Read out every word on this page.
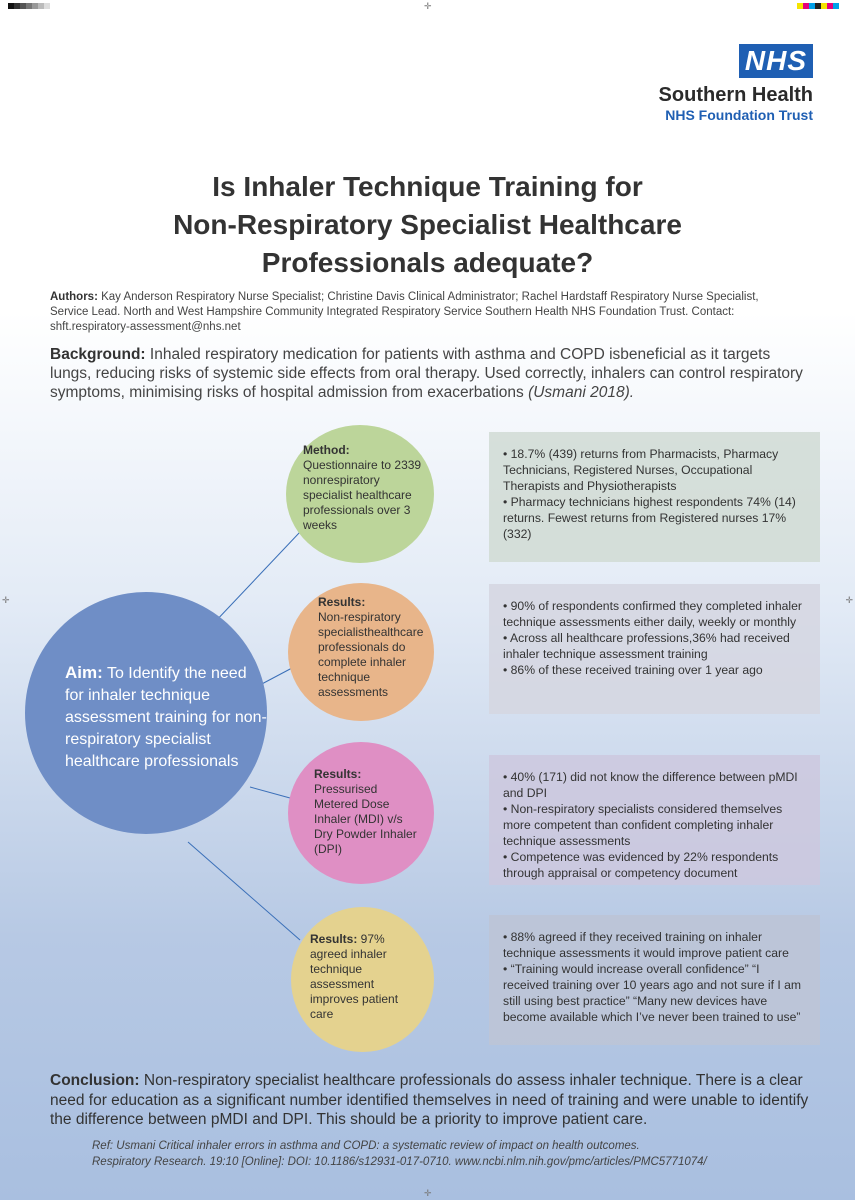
✛
✛	✛
✛
NHS
Southern Health
NHS Foundation Trust
Is Inhaler Technique Training for
Non-Respiratory Specialist Healthcare
Professionals adequate?
Authors: Kay Anderson Respiratory Nurse Specialist; Christine Davis Clinical Administrator; Rachel Hardstaff Respiratory Nurse Specialist, Service Lead. North and West Hampshire Community Integrated Respiratory Service Southern Health NHS Foundation Trust. Contact: shft.respiratory-assessment@nhs.net
Background: Inhaled respiratory medication for patients with asthma and COPD isbeneficial as it targets lungs, reducing risks of systemic side effects from oral therapy. Used correctly, inhalers can control respiratory symptoms, minimising risks of hospital admission from exacerbations (Usmani 2018).
Aim: To Identify the need for inhaler technique assessment training for non-respiratory specialist healthcare professionals
Method:
Questionnaire to 2339 nonrespiratory specialist healthcare professionals over 3 weeks
Results:
Non-respiratory specialisthealthcare professionals do complete inhaler technique assessments
Results:
Pressurised Metered Dose Inhaler (MDI) v/s Dry Powder Inhaler (DPI)
Results: 97% agreed inhaler technique assessment improves patient care
• 18.7% (439) returns from Pharmacists, Pharmacy Technicians, Registered Nurses, Occupational Therapists and Physiotherapists
• Pharmacy technicians highest respondents 74% (14) returns. Fewest returns from Registered nurses 17% (332)
• 90% of respondents confirmed they completed inhaler technique assessments either daily, weekly or monthly
• Across all healthcare professions,36% had received inhaler technique assessment training
• 86% of these received training over 1 year ago
• 40% (171) did not know the difference between pMDI and DPI
• Non-respiratory specialists considered themselves more competent than confident completing inhaler technique assessments
• Competence was evidenced by 22% respondents through appraisal or competency document
• 88% agreed if they received training on inhaler technique assessments it would improve patient care
• “Training would increase overall confidence” “I received training over 10 years ago and not sure if I am still using best practice” “Many new devices have become available which I’ve never been trained to use”
Conclusion: Non-respiratory specialist healthcare professionals do assess inhaler technique. There is a clear need for education as a significant number identified themselves in need of training and were unable to identify the difference between pMDI and DPI. This should be a priority to improve patient care.
Ref: Usmani Critical inhaler errors in asthma and COPD: a systematic review of impact on health outcomes.
Respiratory Research. 19:10 [Online]: DOI: 10.1186/s12931-017-0710. www.ncbi.nlm.nih.gov/pmc/articles/PMC5771074/
